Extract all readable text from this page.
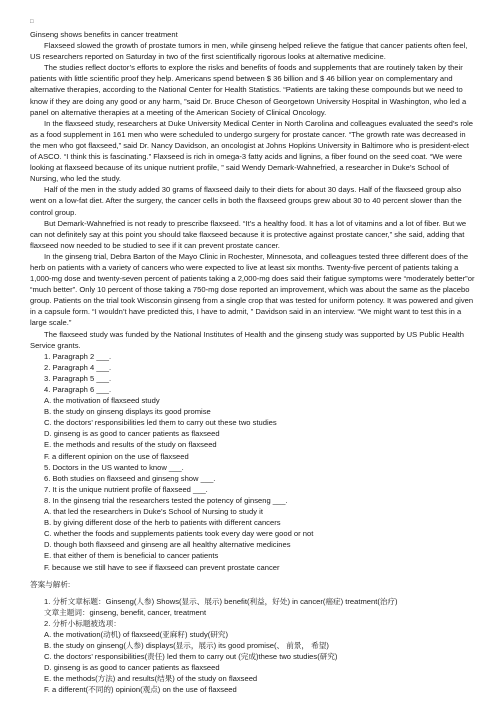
□
Ginseng shows benefits in cancer treatment

Flaxseed slowed the growth of prostate tumors in men, while ginseng helped relieve the fatigue that cancer patients often feel, US researchers reported on Saturday in two of the first scientifically rigorous looks at alternative medicine.

The studies reflect doctor’s efforts to explore the risks and benefits of foods and supplements that are routinely taken by their patients with little scientific proof they help. Americans spend between $ 36 billion and $ 46 billion year on complementary and alternative therapies, according to the National Center for Health Statistics. “Patients are taking these compounds but we need to know if they are doing any good or any harm, ”said Dr. Bruce Cheson of Georgetown University Hospital in Washington, who led a panel on alternative therapies at a meeting of the American Society of Clinical Oncology.

In the flaxseed study, researchers at Duke University Medical Center in North Carolina and colleagues evaluated the seed’s role as a food supplement in 161 men who were scheduled to undergo surgery for prostate cancer. “The growth rate was decreased in the men who got flaxseed,” said Dr. Nancy Davidson, an oncologist at Johns Hopkins University in Baltimore who is president-elect of ASCO. “I think this is fascinating.” Flaxseed is rich in omega-3 fatty acids and lignins, a fiber found on the seed coat. “We were looking at flaxseed because of its unique nutrient profile, ” said Wendy Demark-Wahnefried, a researcher in Duke’s School of Nursing, who led the study.

Half of the men in the study added 30 grams of flaxseed daily to their diets for about 30 days. Half of the flaxseed group also went on a low-fat diet. After the surgery, the cancer cells in both the flaxseed groups grew about 30 to 40 percent slower than the control group.

But Demark-Wahnefried is not ready to prescribe flaxseed. “It’s a healthy food. It has a lot of vitamins and a lot of fiber. But we can not definitely say at this point you should take flaxseed because it is protective against prostate cancer,” she said, adding that flaxseed now needed to be studied to see if it can prevent prostate cancer.

In the ginseng trial, Debra Barton of the Mayo Clinic in Rochester, Minnesota, and colleagues tested three different does of the herb on patients with a variety of cancers who were expected to live at least six months. Twenty-five percent of patients taking a 1,000-mg dose and twenty-seven percent of patients taking a 2,000-mg does said their fatigue symptoms were “moderately better”or “much better”. Only 10 percent of those taking a 750-mg dose reported an improvement, which was about the same as the placebo group. Patients on the trial took Wisconsin ginseng from a single crop that was tested for uniform potency. It was powered and given in a capsule form. “I wouldn’t have predicted this, I have to admit, ” Davidson said in an interview. “We might want to test this in a large scale.”

The flaxseed study was funded by the National Institutes of Health and the ginseng study was supported by US Public Health Service grants.

1. Paragraph 2 ___.
2. Paragraph 4 ___.
3. Paragraph 5 ___.
4. Paragraph 6 ___.
A. the motivation of flaxseed study
B. the study on ginseng displays its good promise
C. the doctors’ responsibilities led them to carry out these two studies
D. ginseng is as good to cancer patients as flaxseed
E. the methods and results of the study on flaxseed
F. a different opinion on the use of flaxseed
5. Doctors in the US wanted to know ___.
6. Both studies on flaxseed and ginseng show ___.
7. It is the unique nutrient profile of flaxseed ___.
8. In the ginseng trial the researchers tested the potency of ginseng ___.
A. that led the researchers in Duke’s School of Nursing to study it
B. by giving different dose of the herb to patients with different cancers
C. whether the foods and supplements patients took every day were good or not
D. though both flaxseed and ginseng are all healthy alternative medicines
E. that either of them is beneficial to cancer patients
F. because we still have to see if flaxseed can prevent prostate cancer
答案与解析:
1. 分析文章标题：Ginseng(人参) Shows(显示、展示) benefit(利益，好处) in cancer(癌症) treatment(治疗)
文章主题词：ginseng, benefit, cancer, treatment
2. 分析小标题被选项：
A. the motivation(动机) of flaxseed(亚麻籽) study(研究)
B. the study on ginseng(人参) displays(显示，展示) its good promise(、 前景， 希望)
C. the doctors’ responsibilities(责任) led them to carry out (完成)these two studies(研究)
D. ginseng is as good to cancer patients as flaxseed
E. the methods(方法) and results(结果) of the study on flaxseed
F. a different(不同的) opinion(观点) on the use of flaxseed
